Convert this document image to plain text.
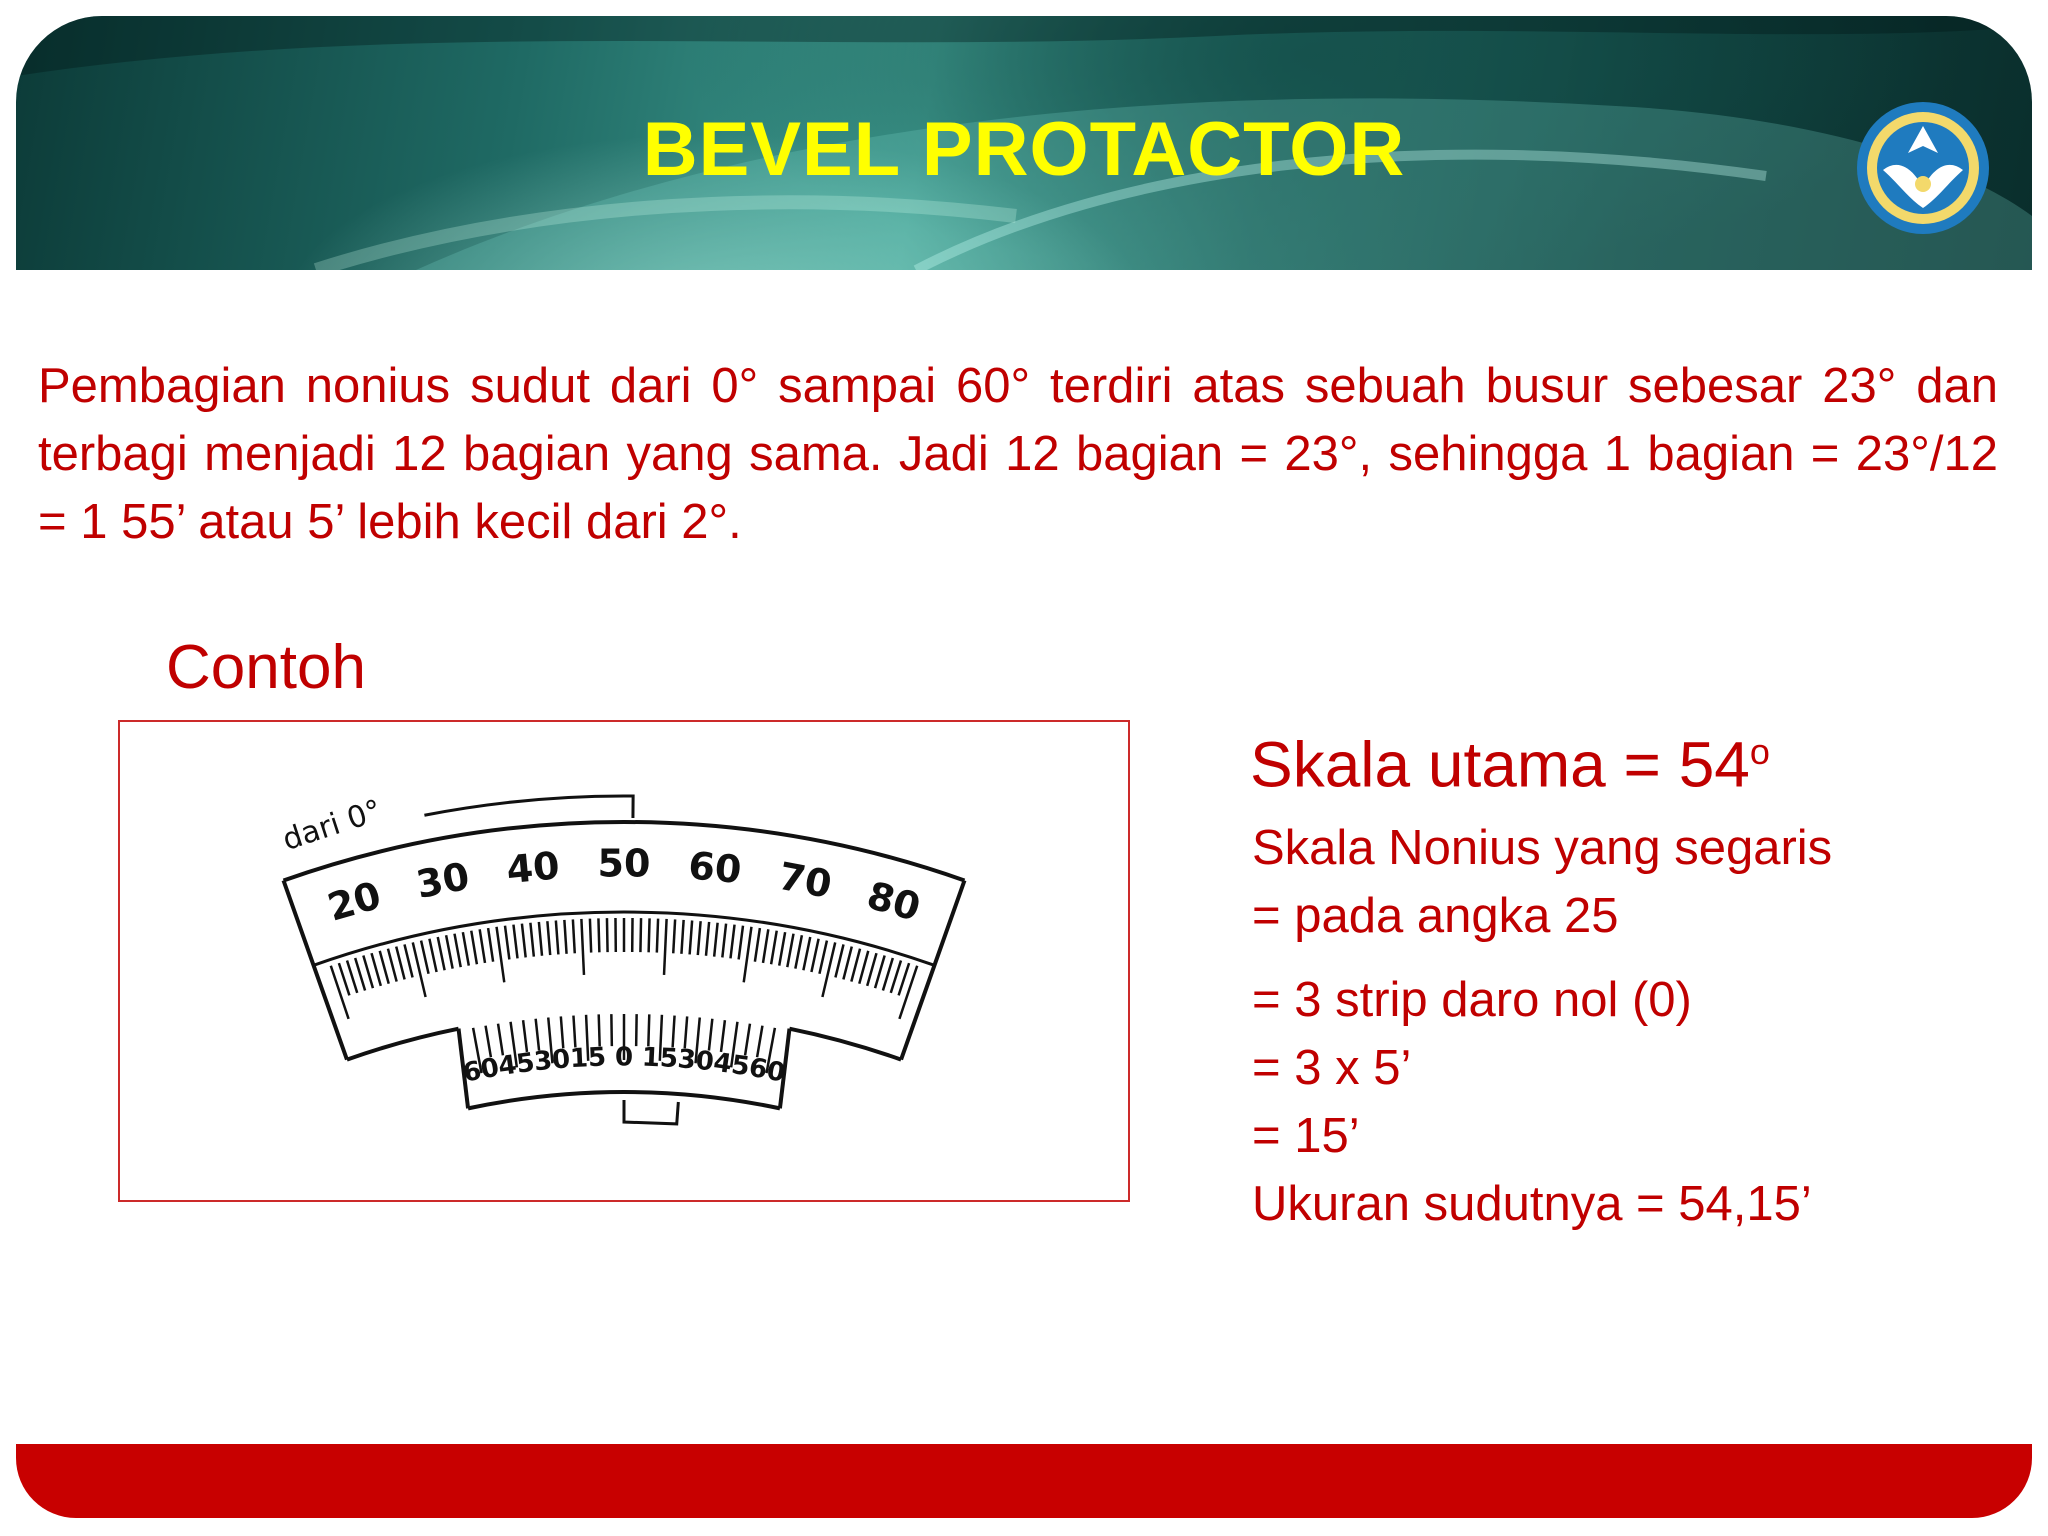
BEVEL PROTACTOR
Pembagian nonius sudut dari 0° sampai 60° terdiri atas sebuah busur sebesar 23° dan terbagi menjadi 12 bagian yang sama. Jadi 12 bagian = 23°, sehingga 1 bagian = 23°/12 = 1 55’ atau 5’ lebih kecil dari 2°.
Contoh
20 30 40 50 60 70 80
60
45
30
15 0 15
30
45
60
dari 0°
Skala utama = $54^o$
Skala Nonius yang segaris
= pada angka 25
= 3 strip daro nol (0)
= 3 x 5’
= 15’
Ukuran sudutnya = 54,15’
